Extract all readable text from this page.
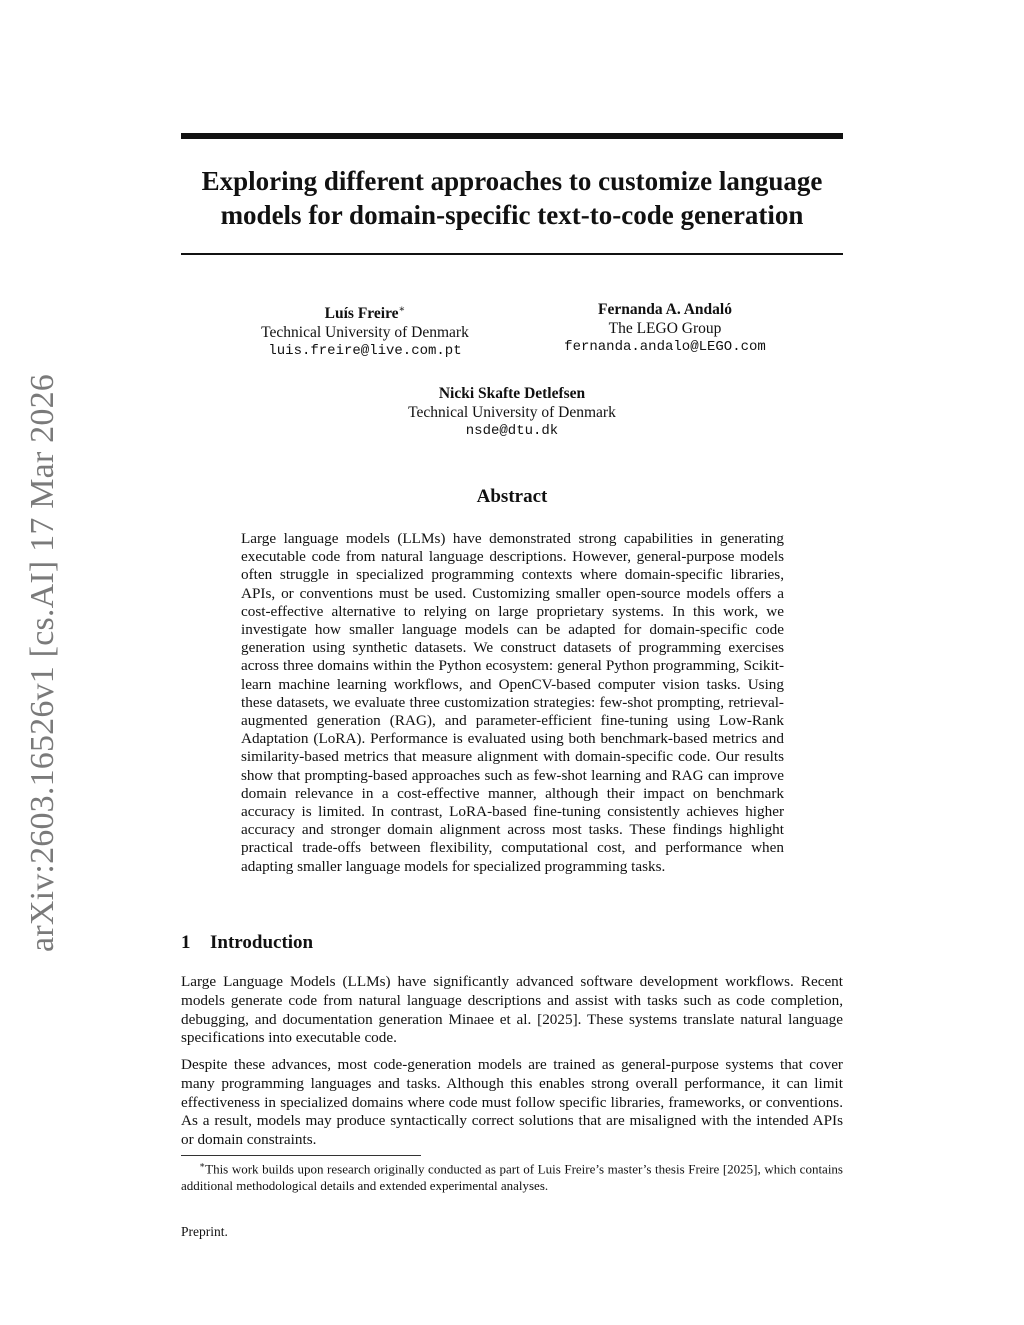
arXiv:2603.16526v1 [cs.AI] 17 Mar 2026
Exploring different approaches to customize language models for domain-specific text-to-code generation
Luís Freire∗
Technical University of Denmark
luis.freire@live.com.pt
Fernanda A. Andaló
The LEGO Group
fernanda.andalo@LEGO.com
Nicki Skafte Detlefsen
Technical University of Denmark
nsde@dtu.dk
Abstract

Large language models (LLMs) have demonstrated strong capabilities in generating executable code from natural language descriptions. However, general-purpose models often struggle in specialized programming contexts where domain-specific libraries, APIs, or conventions must be used. Customizing smaller open-source models offers a cost-effective alternative to relying on large proprietary systems. In this work, we investigate how smaller language models can be adapted for domain-specific code generation using synthetic datasets. We construct datasets of programming exercises across three domains within the Python ecosystem: general Python programming, Scikit-learn machine learning workflows, and OpenCV-based computer vision tasks. Using these datasets, we evaluate three customization strategies: few-shot prompting, retrieval-augmented generation (RAG), and parameter-efficient fine-tuning using Low-Rank Adaptation (LoRA). Performance is evaluated using both benchmark-based metrics and similarity-based metrics that measure alignment with domain-specific code. Our results show that prompting-based approaches such as few-shot learning and RAG can improve domain relevance in a cost-effective manner, although their impact on benchmark accuracy is limited. In contrast, LoRA-based fine-tuning consistently achieves higher accuracy and stronger domain alignment across most tasks. These findings highlight practical trade-offs between flexibility, computational cost, and performance when adapting smaller language models for specialized programming tasks.

1 Introduction

Large Language Models (LLMs) have significantly advanced software development workflows. Recent models generate code from natural language descriptions and assist with tasks such as code completion, debugging, and documentation generation Minaee et al. [2025]. These systems translate natural language specifications into executable code.

Despite these advances, most code-generation models are trained as general-purpose systems that cover many programming languages and tasks. Although this enables strong overall performance, it can limit effectiveness in specialized domains where code must follow specific libraries, frameworks, or conventions. As a result, models may produce syntactically correct solutions that are misaligned with the intended APIs or domain constraints.

∗This work builds upon research originally conducted as part of Luis Freire’s master’s thesis Freire [2025], which contains additional methodological details and extended experimental analyses.

Preprint.
